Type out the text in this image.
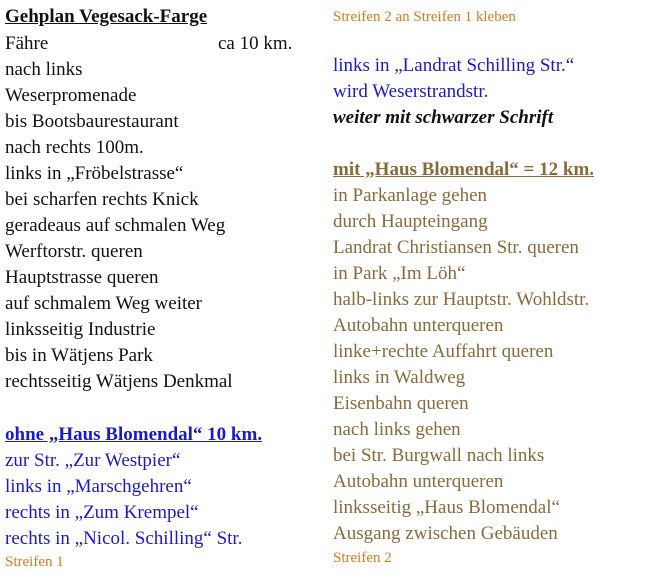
Gehplan Vegesack-Farge
Fähre	ca 10 km.
nach links
Weserpromenade
bis Bootsbaurestaurant
nach rechts 100m.
links in „Fröbelstrasse“
bei scharfen rechts Knick
geradeaus auf schmalen Weg
Werftorstr. queren
Hauptstrasse queren
auf schmalem Weg weiter
linksseitig Industrie
bis in Wätjens Park
rechtsseitig Wätjens Denkmal
ohne „Haus Blomendal“ 10 km.
zur Str. „Zur Westpier“
links in „Marschgehren“
rechts in „Zum Krempel“
rechts in „Nicol. Schilling“ Str.
Streifen 1
Streifen 2 an Streifen 1 kleben
links in „Landrat Schilling Str.“
wird Weserstrandstr.
weiter mit schwarzer Schrift
mit „Haus Blomendal“ = 12 km.
in Parkanlage gehen
durch Haupteingang
Landrat Christiansen Str. queren
in Park „Im Löh“
halb-links zur Hauptstr. Wohldstr.
Autobahn unterqueren
linke+rechte Auffahrt queren
links in Waldweg
Eisenbahn queren
nach links gehen
bei Str. Burgwall nach links
Autobahn unterqueren
linksseitig „Haus Blomendal“
Ausgang zwischen Gebäuden
Streifen 2
